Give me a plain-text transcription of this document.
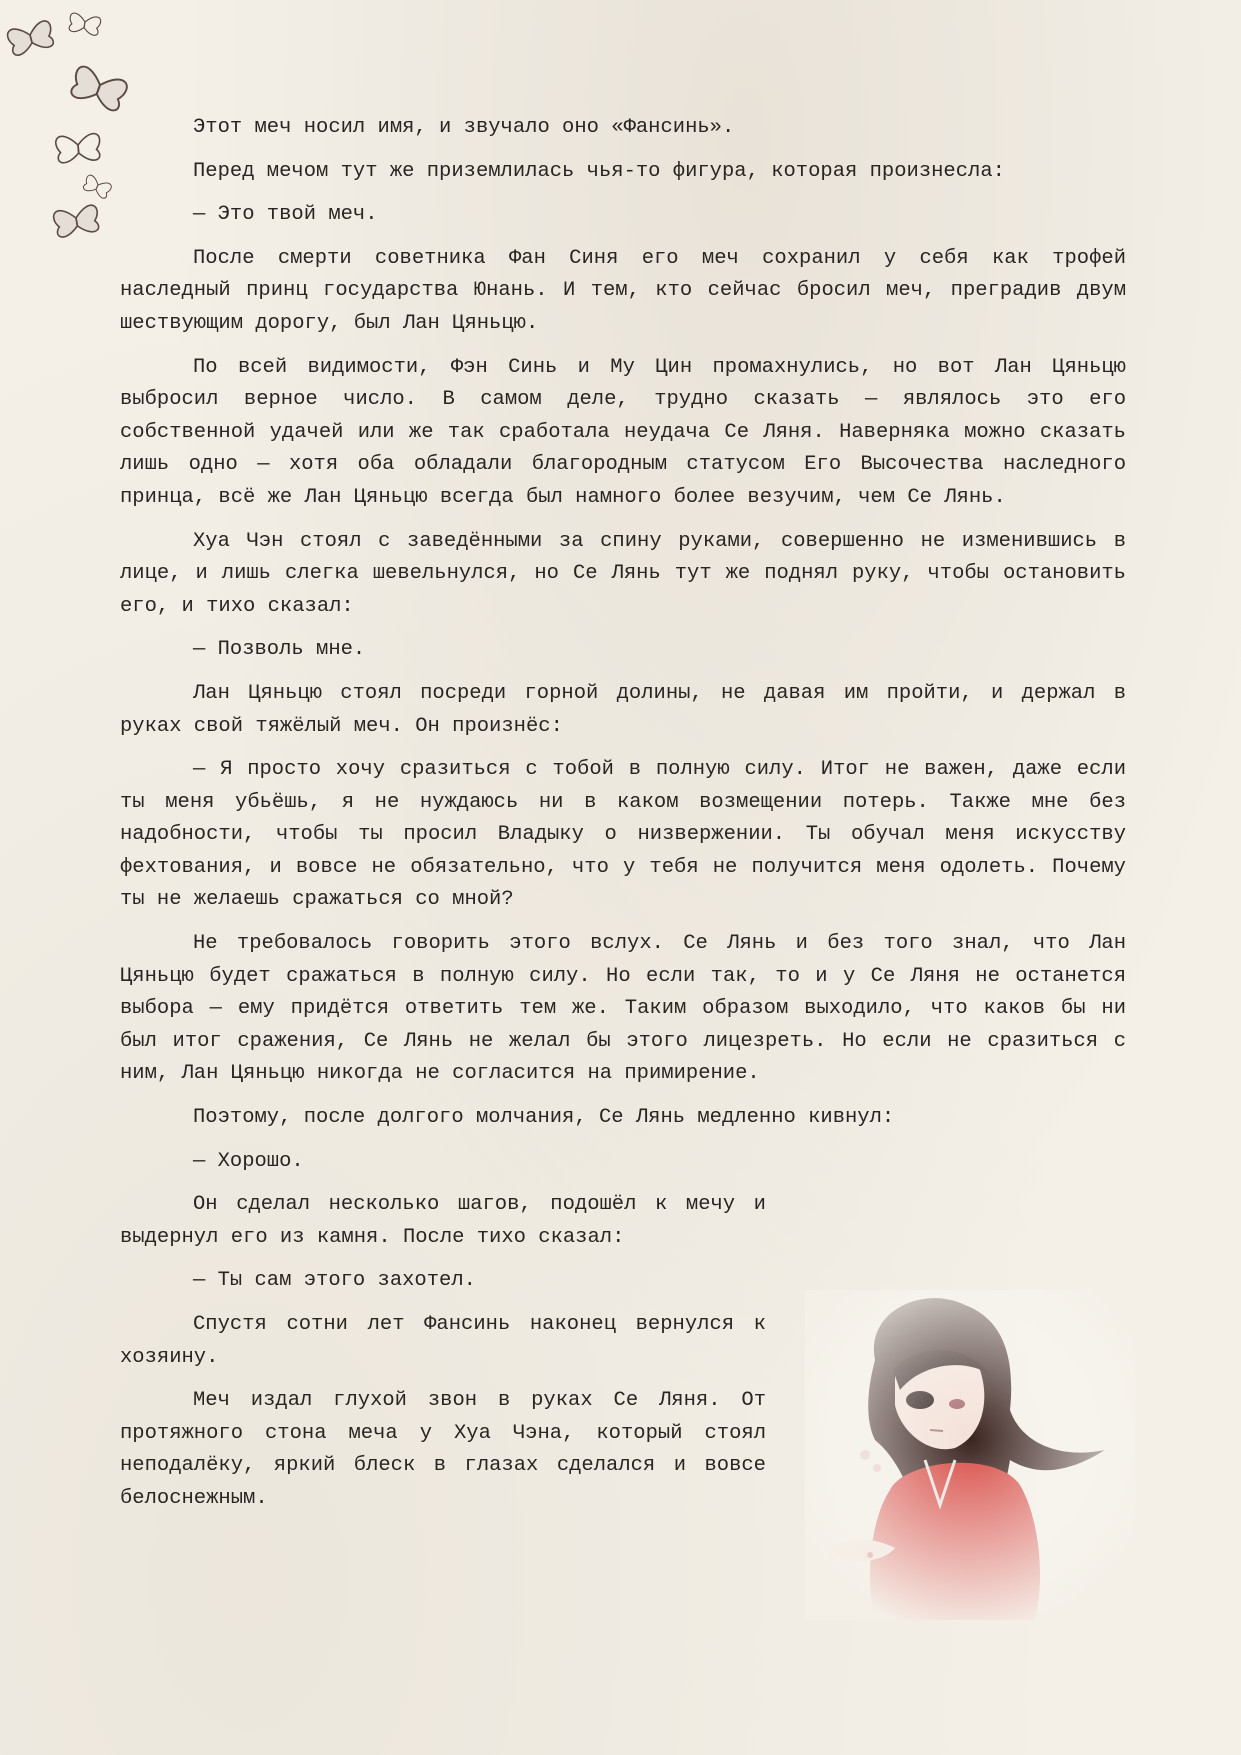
Этот меч носил имя, и звучало оно «Фансинь».

Перед мечом тут же приземлилась чья-то фигура, которая произнесла:

— Это твой меч.

После смерти советника Фан Синя его меч сохранил у себя как трофей наследный принц государства Юнань. И тем, кто сейчас бросил меч, преградив двум шествующим дорогу, был Лан Цяньцю.

По всей видимости, Фэн Синь и Му Цин промахнулись, но вот Лан Цяньцю выбросил верное число. В самом деле, трудно сказать — являлось это его собственной удачей или же так сработала неудача Се Ляня. Наверняка можно сказать лишь одно — хотя оба обладали благородным статусом Его Высочества наследного принца, всё же Лан Цяньцю всегда был намного более везучим, чем Се Лянь.

Хуа Чэн стоял с заведёнными за спину руками, совершенно не изменившись в лице, и лишь слегка шевельнулся, но Се Лянь тут же поднял руку, чтобы остановить его, и тихо сказал:

— Позволь мне.

Лан Цяньцю стоял посреди горной долины, не давая им пройти, и держал в руках свой тяжёлый меч. Он произнёс:

— Я просто хочу сразиться с тобой в полную силу. Итог не важен, даже если ты меня убьёшь, я не нуждаюсь ни в каком возмещении потерь. Также мне без надобности, чтобы ты просил Владыку о низвержении. Ты обучал меня искусству фехтования, и вовсе не обязательно, что у тебя не получится меня одолеть. Почему ты не желаешь сражаться со мной?

Не требовалось говорить этого вслух. Се Лянь и без того знал, что Лан Цяньцю будет сражаться в полную силу. Но если так, то и у Се Ляня не останется выбора — ему придётся ответить тем же. Таким образом выходило, что каков бы ни был итог сражения, Се Лянь не желал бы этого лицезреть. Но если не сразиться с ним, Лан Цяньцю никогда не согласится на примирение.

Поэтому, после долгого молчания, Се Лянь медленно кивнул:

— Хорошо.

Он сделал несколько шагов, подошёл к мечу и выдернул его из камня. После тихо сказал:

— Ты сам этого захотел.

Спустя сотни лет Фансинь наконец вернулся к хозяину.

Меч издал глухой звон в руках Се Ляня. От протяжного стона меча у Хуа Чэна, который стоял неподалёку, яркий блеск в глазах сделался и вовсе белоснежным.
